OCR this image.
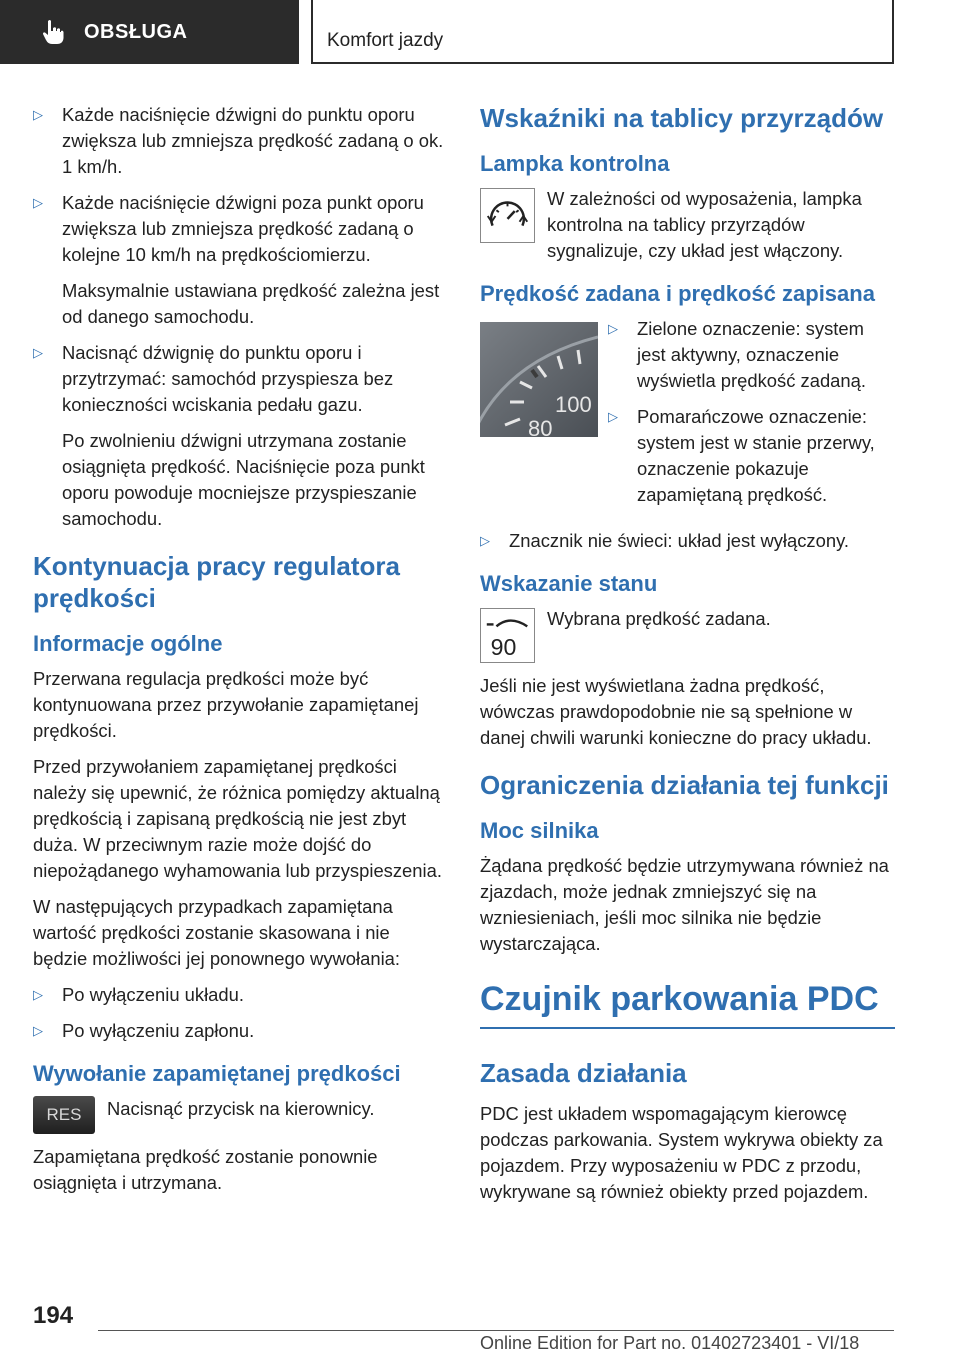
OBSŁUGA	Komfort jazdy
▷ Każde naciśnięcie dźwigni do punktu oporu zwiększa lub zmniejsza prędkość zadaną o ok. 1 km/h.
▷ Każde naciśnięcie dźwigni poza punkt oporu zwiększa lub zmniejsza prędkość zadaną o kolejne 10 km/h na prędkościomierzu.

Maksymalnie ustawiana prędkość zależna jest od danego samochodu.

▷ Nacisnąć dźwignię do punktu oporu i przytrzymać: samochód przyspiesza bez konieczności wciskania pedału gazu.

Po zwolnieniu dźwigni utrzymana zostanie osiągnięta prędkość. Naciśnięcie poza punkt oporu powoduje mocniejsze przyspieszanie samochodu.

Kontynuacja pracy regulatora prędkości
Informacje ogólne

Przerwana regulacja prędkości może być kontynuowana przez przywołanie zapamiętanej prędkości.

Przed przywołaniem zapamiętanej prędkości należy się upewnić, że różnica pomiędzy aktualną prędkością i zapisaną prędkością nie jest zbyt duża. W przeciwnym razie może dojść do niepożądanego wyhamowania lub przyspieszenia.

W następujących przypadkach zapamiętana wartość prędkości zostanie skasowana i nie będzie możliwości jej ponownego wywołania:

▷ Po wyłączeniu układu.
▷ Po wyłączeniu zapłonu.
Wywołanie zapamiętanej prędkości
RES	Nacisnąć przycisk na kierownicy.

Zapamiętana prędkość zostanie ponownie osiągnięta i utrzymana.

Wskaźniki na tablicy przyrządów
Lampka kontrolna

W zależności od wyposażenia, lampka kontrolna na tablicy przyrządów sygnalizuje, czy układ jest włączony.

Prędkość zadana i prędkość zapisana
100
80
▷ Zielone oznaczenie: system jest aktywny, oznaczenie wyświetla prędkość zadaną.
▷ Pomarańczowe oznaczenie: system jest w stanie przerwy, oznaczenie pokazuje zapamiętaną prędkość.
▷ Znacznik nie świeci: układ jest wyłączony.
Wskazanie stanu
90

Wybrana prędkość zadana.

Jeśli nie jest wyświetlana żadna prędkość, wówczas prawdopodobnie nie są spełnione w danej chwili warunki konieczne do pracy układu.

Ograniczenia działania tej funkcji
Moc silnika

Żądana prędkość będzie utrzymywana również na zjazdach, może jednak zmniejszyć się na wzniesieniach, jeśli moc silnika nie będzie wystarczająca.

Czujnik parkowania PDC
Zasada działania

PDC jest układem wspomagającym kierowcę podczas parkowania. System wykrywa obiekty za pojazdem. Przy wyposażeniu w PDC z przodu, wykrywane są również obiekty przed pojazdem.

194
Online Edition for Part no. 01402723401 - VI/18
